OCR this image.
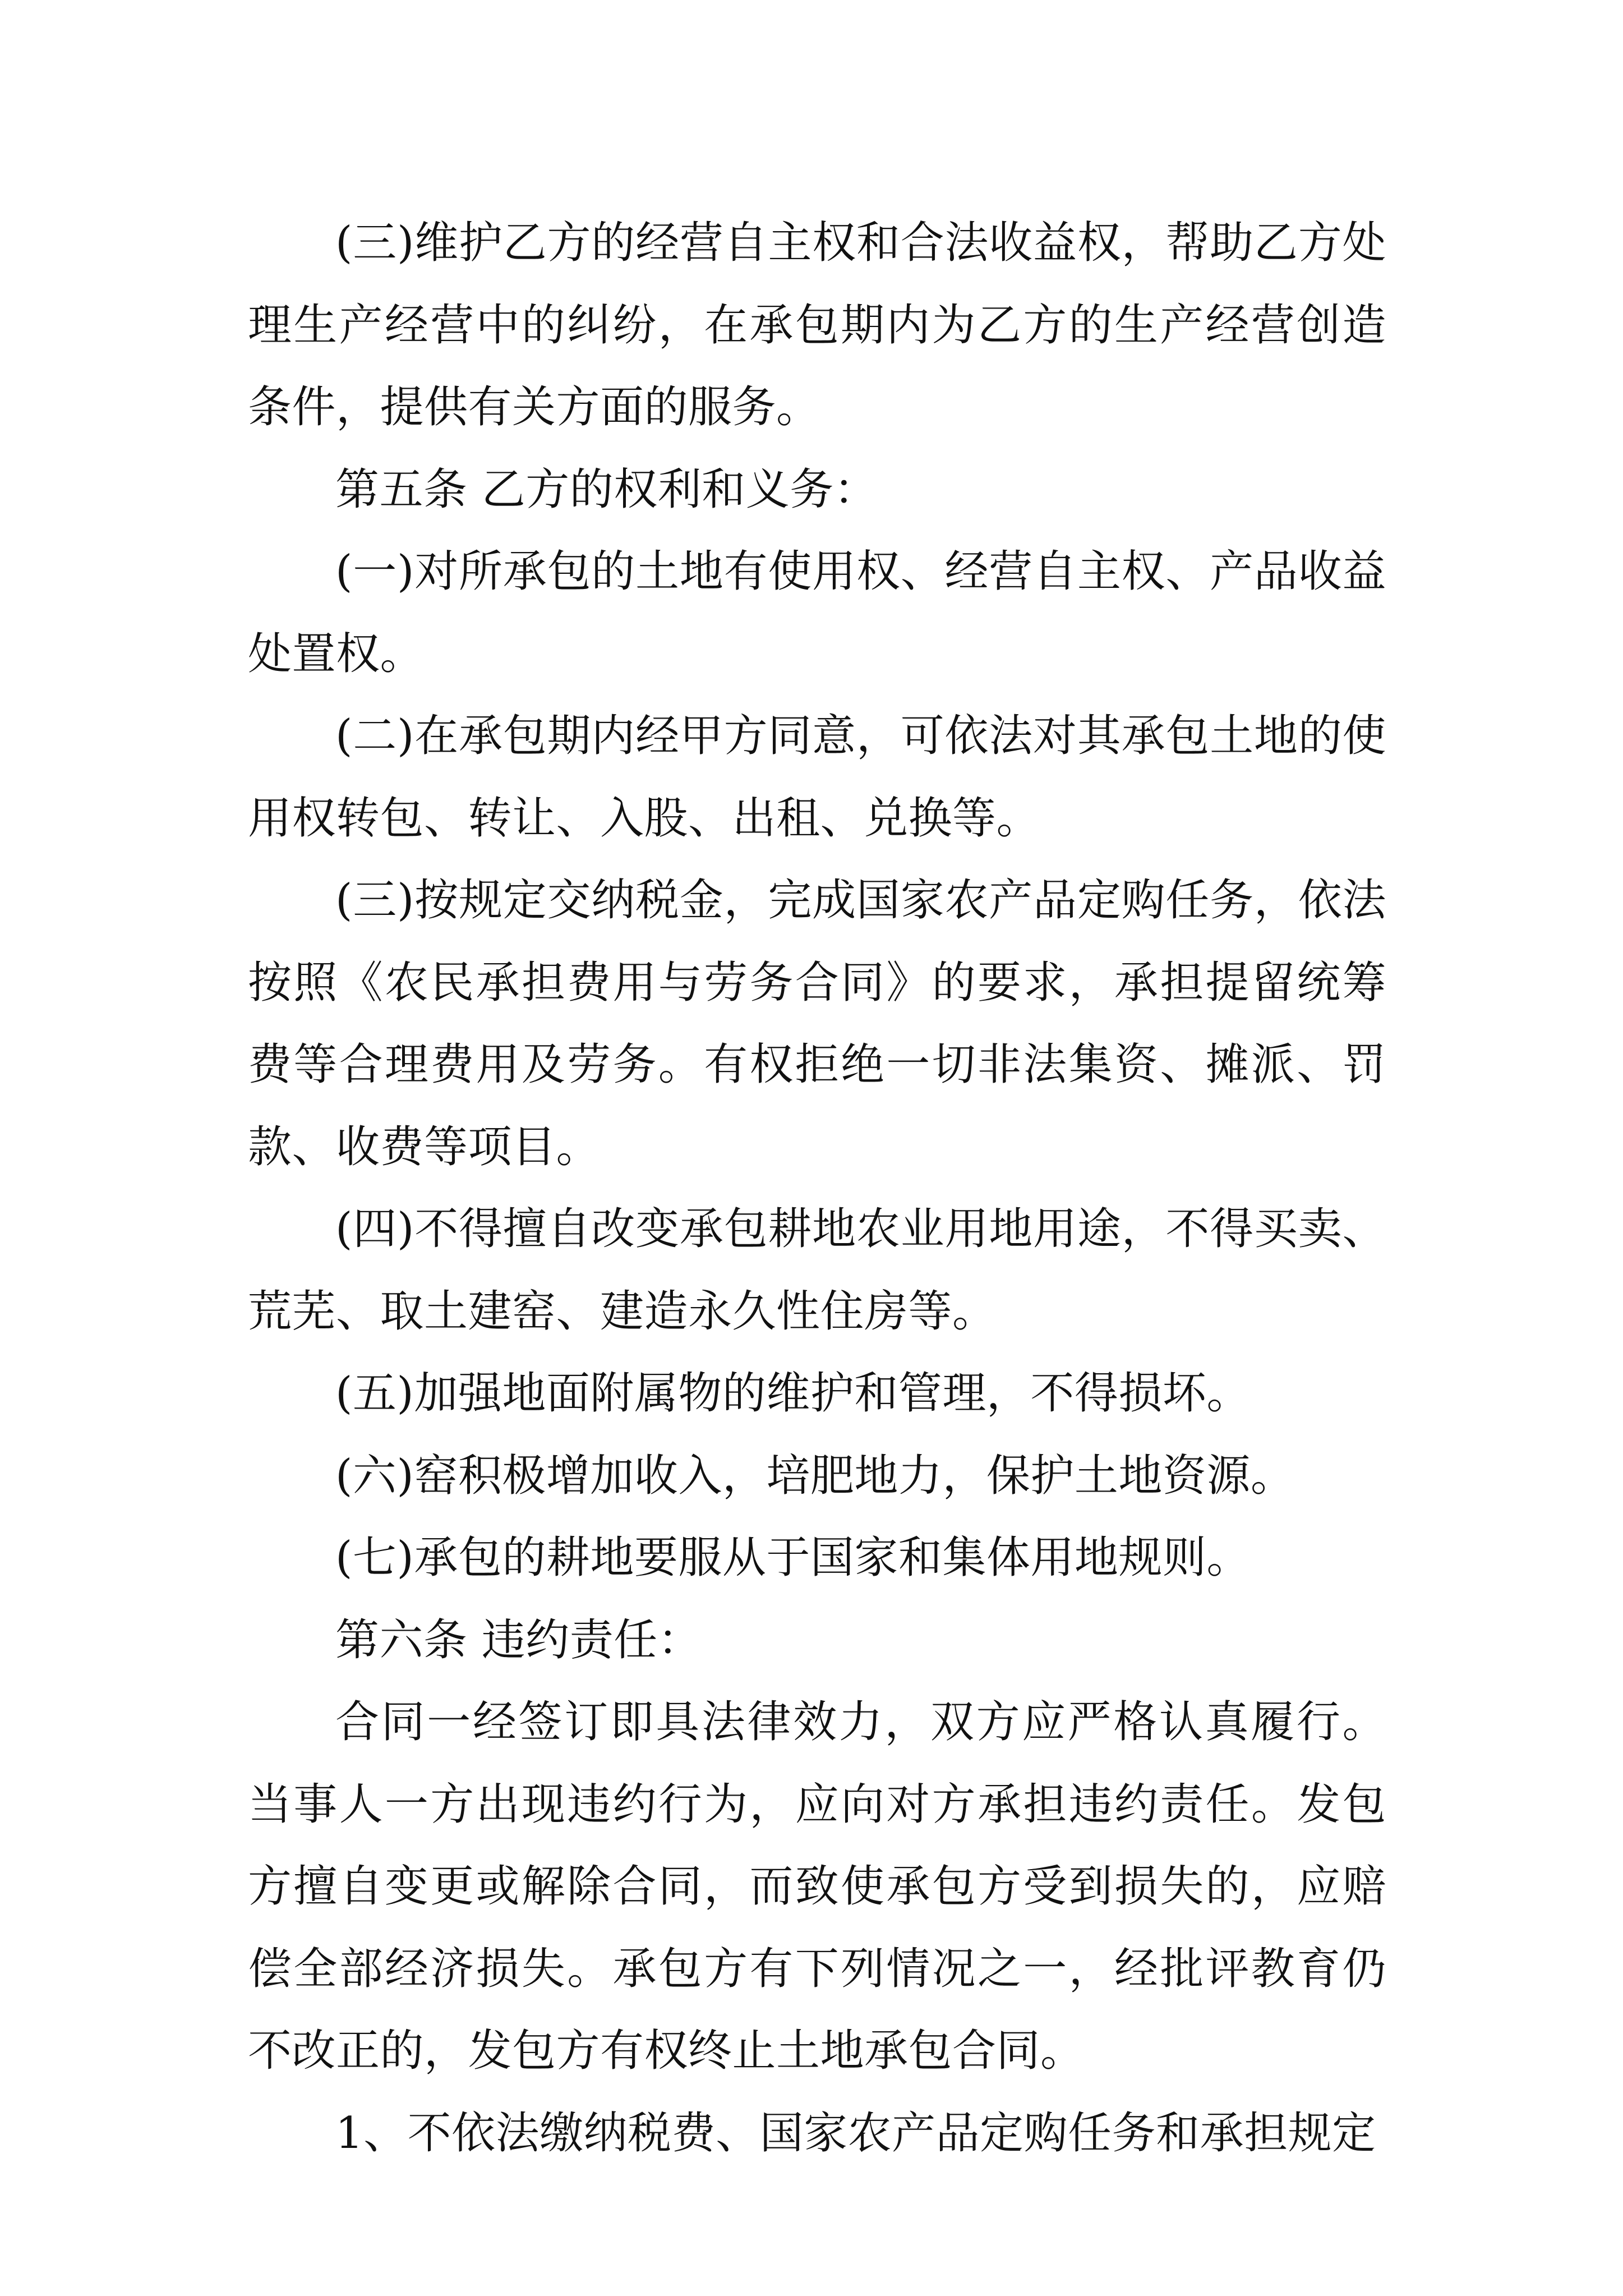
(三)维护乙方的经营自主权和合法收益权，帮助乙方处理生产经营中的纠纷，在承包期内为乙方的生产经营创造条件，提供有关方面的服务。

第五条 乙方的权利和义务：

(一)对所承包的土地有使用权、经营自主权、产品收益处置权。

(二)在承包期内经甲方同意，可依法对其承包土地的使用权转包、转让、入股、出租、兑换等。

(三)按规定交纳税金，完成国家农产品定购任务，依法按照《农民承担费用与劳务合同》的要求，承担提留统筹费等合理费用及劳务。有权拒绝一切非法集资、摊派、罚款、收费等项目。

(四)不得擅自改变承包耕地农业用地用途，不得买卖、荒芜、取土建窑、建造永久性住房等。

(五)加强地面附属物的维护和管理，不得损坏。

(六)窑积极增加收入，培肥地力，保护土地资源。

(七)承包的耕地要服从于国家和集体用地规则。

第六条 违约责任：

合同一经签订即具法律效力，双方应严格认真履行。当事人一方出现违约行为，应向对方承担违约责任。发包方擅自变更或解除合同，而致使承包方受到损失的，应赔偿全部经济损失。承包方有下列情况之一，经批评教育仍不改正的，发包方有权终止土地承包合同。

1、不依法缴纳税费、国家农产品定购任务和承担规定
